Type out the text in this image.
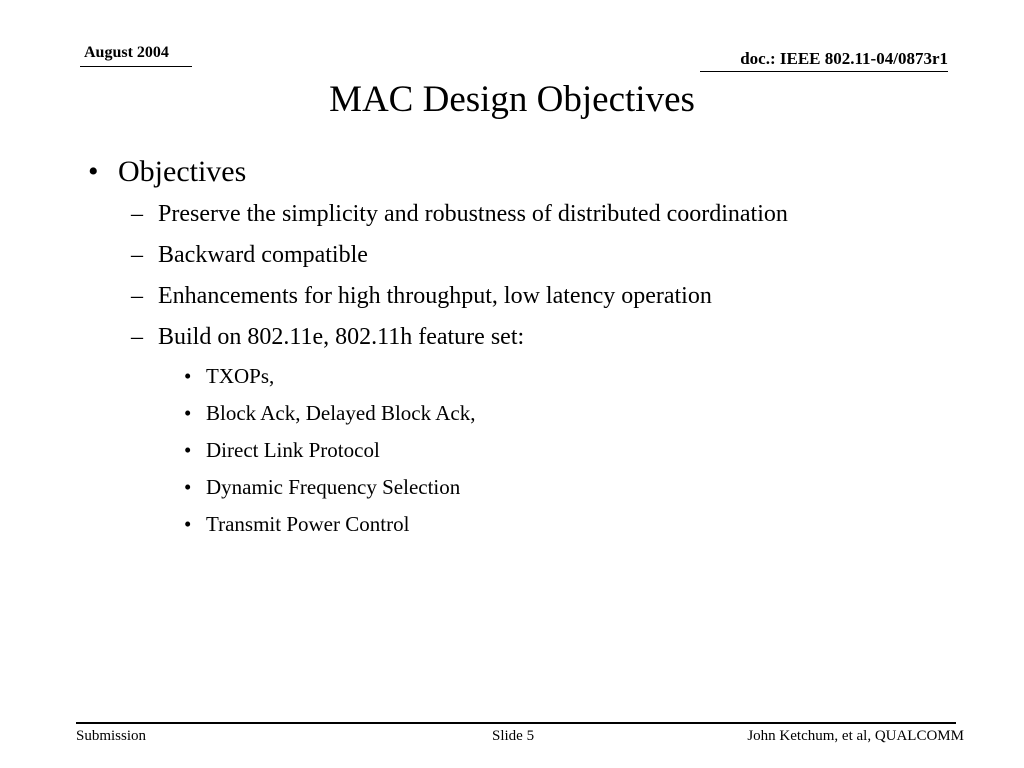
August 2004	doc.: IEEE 802.11-04/0873r1
MAC Design Objectives
• Objectives
– Preserve the simplicity and robustness of distributed coordination
– Backward compatible
– Enhancements for high throughput, low latency operation
– Build on 802.11e, 802.11h feature set:
• TXOPs,
• Block Ack, Delayed Block Ack,
• Direct Link Protocol
• Dynamic Frequency Selection
• Transmit Power Control
Submission	Slide 5	John Ketchum, et al, QUALCOMM
